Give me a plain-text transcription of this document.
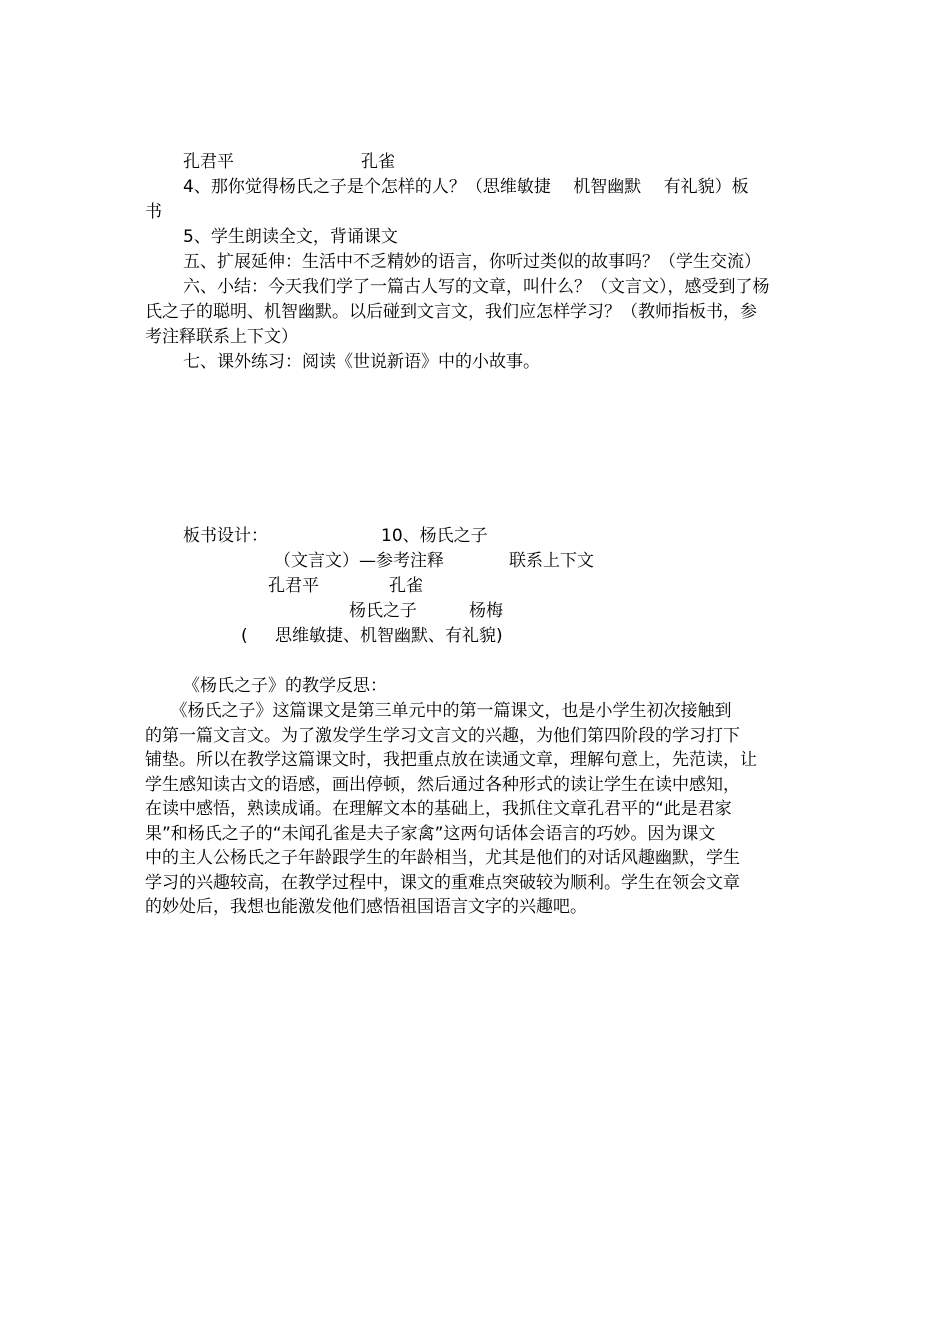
孔君平	孔雀
4、那你觉得杨氏之子是个怎样的人？（思维敏捷　 机智幽默　 有礼貌）板
书
5、学生朗读全文，背诵课文
五、扩展延伸：生活中不乏精妙的语言，你听过类似的故事吗？（学生交流）
六、小结：今天我们学了一篇古人写的文章，叫什么？（文言文），感受到了杨
氏之子的聪明、机智幽默。以后碰到文言文，我们应怎样学习？（教师指板书，参
考注释联系上下文）
七、课外练习：阅读《世说新语》中的小故事。
板书设计：	10、杨氏之子
（文言文）—参考注释	联系上下文
孔君平	孔雀
杨氏之子	杨梅
( 思维敏捷、机智幽默、有礼貌)
《杨氏之子》的教学反思：
　　《杨氏之子》这篇课文是第三单元中的第一篇课文，也是小学生初次接触到
的第一篇文言文。为了激发学生学习文言文的兴趣，为他们第四阶段的学习打下
铺垫。所以在教学这篇课文时，我把重点放在读通文章，理解句意上，先范读，让
学生感知读古文的语感，画出停顿，然后通过各种形式的读让学生在读中感知，
在读中感悟，熟读成诵。在理解文本的基础上，我抓住文章孔君平的“此是君家
果”和杨氏之子的“未闻孔雀是夫子家禽”这两句话体会语言的巧妙。因为课文
中的主人公杨氏之子年龄跟学生的年龄相当，尤其是他们的对话风趣幽默，学生
学习的兴趣较高，在教学过程中，课文的重难点突破较为顺利。学生在领会文章
的妙处后，我想也能激发他们感悟祖国语言文字的兴趣吧。
